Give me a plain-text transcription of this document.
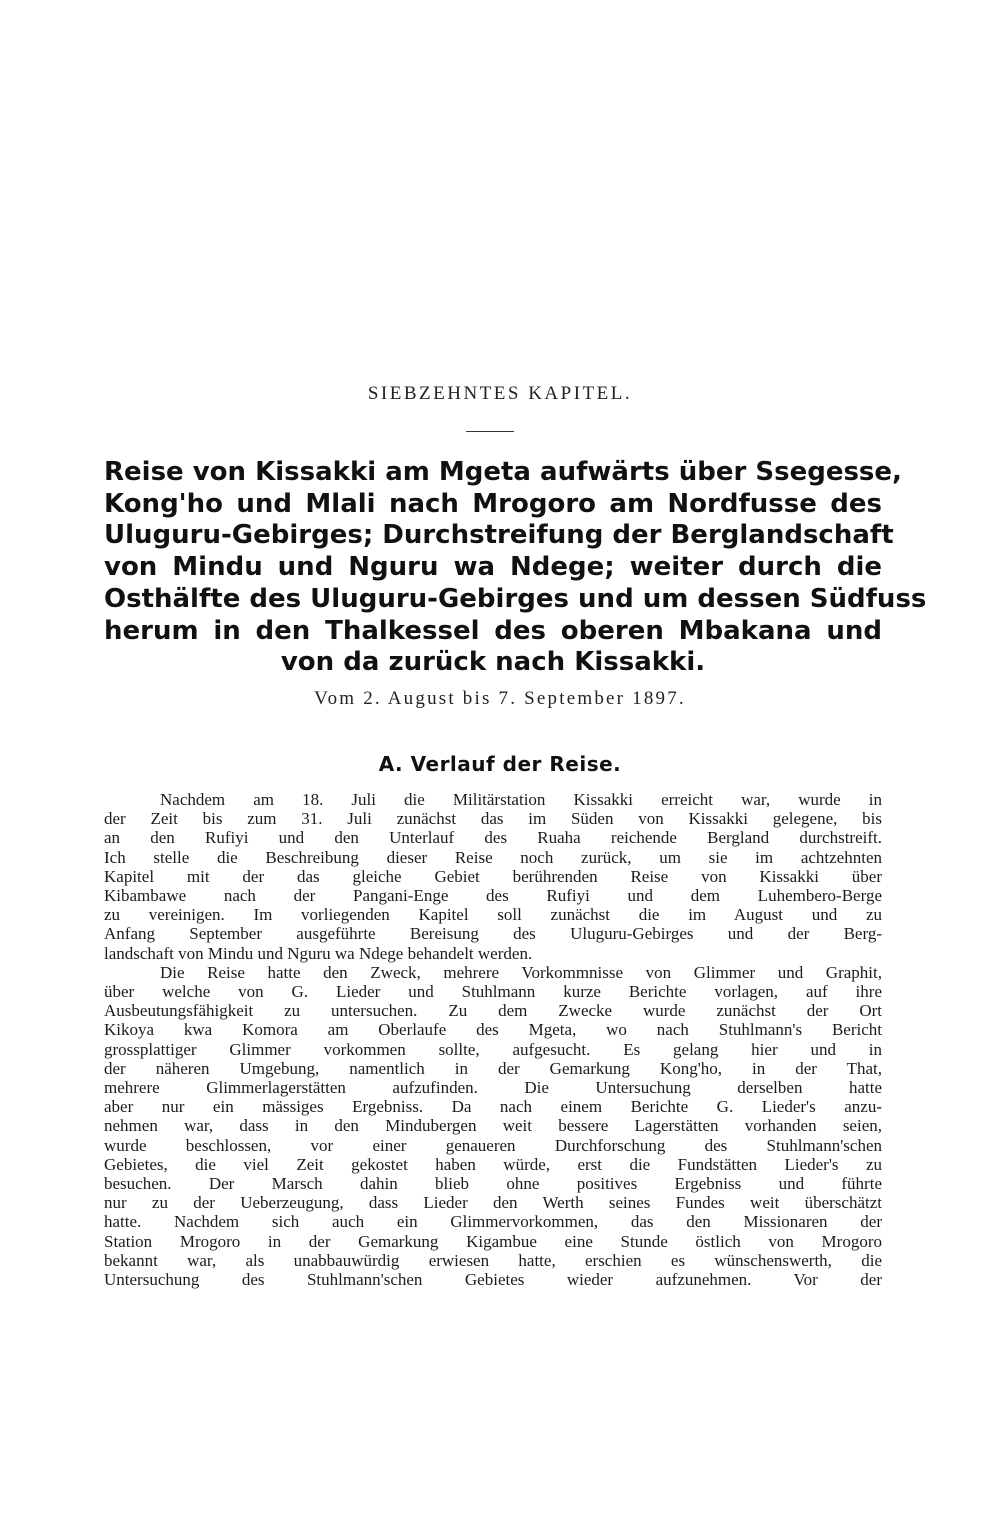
SIEBZEHNTES KAPITEL.
Reise von Kissakki am Mgeta aufwärts über Ssegesse,
Kong'ho und Mlali nach Mrogoro am Nordfusse des
Uluguru-Gebirges; Durchstreifung der Berglandschaft
von Mindu und Nguru wa Ndege; weiter durch die
Osthälfte des Uluguru-Gebirges und um dessen Südfuss
herum in den Thalkessel des oberen Mbakana und
von da zurück nach Kissakki.
Vom 2. August bis 7. September 1897.
A. Verlauf der Reise.
Nachdem am 18. Juli die Militärstation Kissakki erreicht war, wurde in
der Zeit bis zum 31. Juli zunächst das im Süden von Kissakki gelegene, bis
an den Rufiyi und den Unterlauf des Ruaha reichende Bergland durchstreift.
Ich stelle die Beschreibung dieser Reise noch zurück, um sie im achtzehnten
Kapitel mit der das gleiche Gebiet berührenden Reise von Kissakki über
Kibambawe nach der Pangani-Enge des Rufiyi und dem Luhembero-Berge
zu vereinigen. Im vorliegenden Kapitel soll zunächst die im August und zu
Anfang September ausgeführte Bereisung des Uluguru-Gebirges und der Berg-
landschaft von Mindu und Nguru wa Ndege behandelt werden.
Die Reise hatte den Zweck, mehrere Vorkommnisse von Glimmer und Graphit,
über welche von G. Lieder und Stuhlmann kurze Berichte vorlagen, auf ihre
Ausbeutungsfähigkeit zu untersuchen. Zu dem Zwecke wurde zunächst der Ort
Kikoya kwa Komora am Oberlaufe des Mgeta, wo nach Stuhlmann's Bericht
grossplattiger Glimmer vorkommen sollte, aufgesucht. Es gelang hier und in
der näheren Umgebung, namentlich in der Gemarkung Kong'ho, in der That,
mehrere Glimmerlagerstätten aufzufinden. Die Untersuchung derselben hatte
aber nur ein mässiges Ergebniss. Da nach einem Berichte G. Lieder's anzu-
nehmen war, dass in den Mindubergen weit bessere Lagerstätten vorhanden seien,
wurde beschlossen, vor einer genaueren Durchforschung des Stuhlmann'schen
Gebietes, die viel Zeit gekostet haben würde, erst die Fundstätten Lieder's zu
besuchen. Der Marsch dahin blieb ohne positives Ergebniss und führte
nur zu der Ueberzeugung, dass Lieder den Werth seines Fundes weit überschätzt
hatte. Nachdem sich auch ein Glimmervorkommen, das den Missionaren der
Station Mrogoro in der Gemarkung Kigambue eine Stunde östlich von Mrogoro
bekannt war, als unabbauwürdig erwiesen hatte, erschien es wünschenswerth, die
Untersuchung des Stuhlmann'schen Gebietes wieder aufzunehmen. Vor der
